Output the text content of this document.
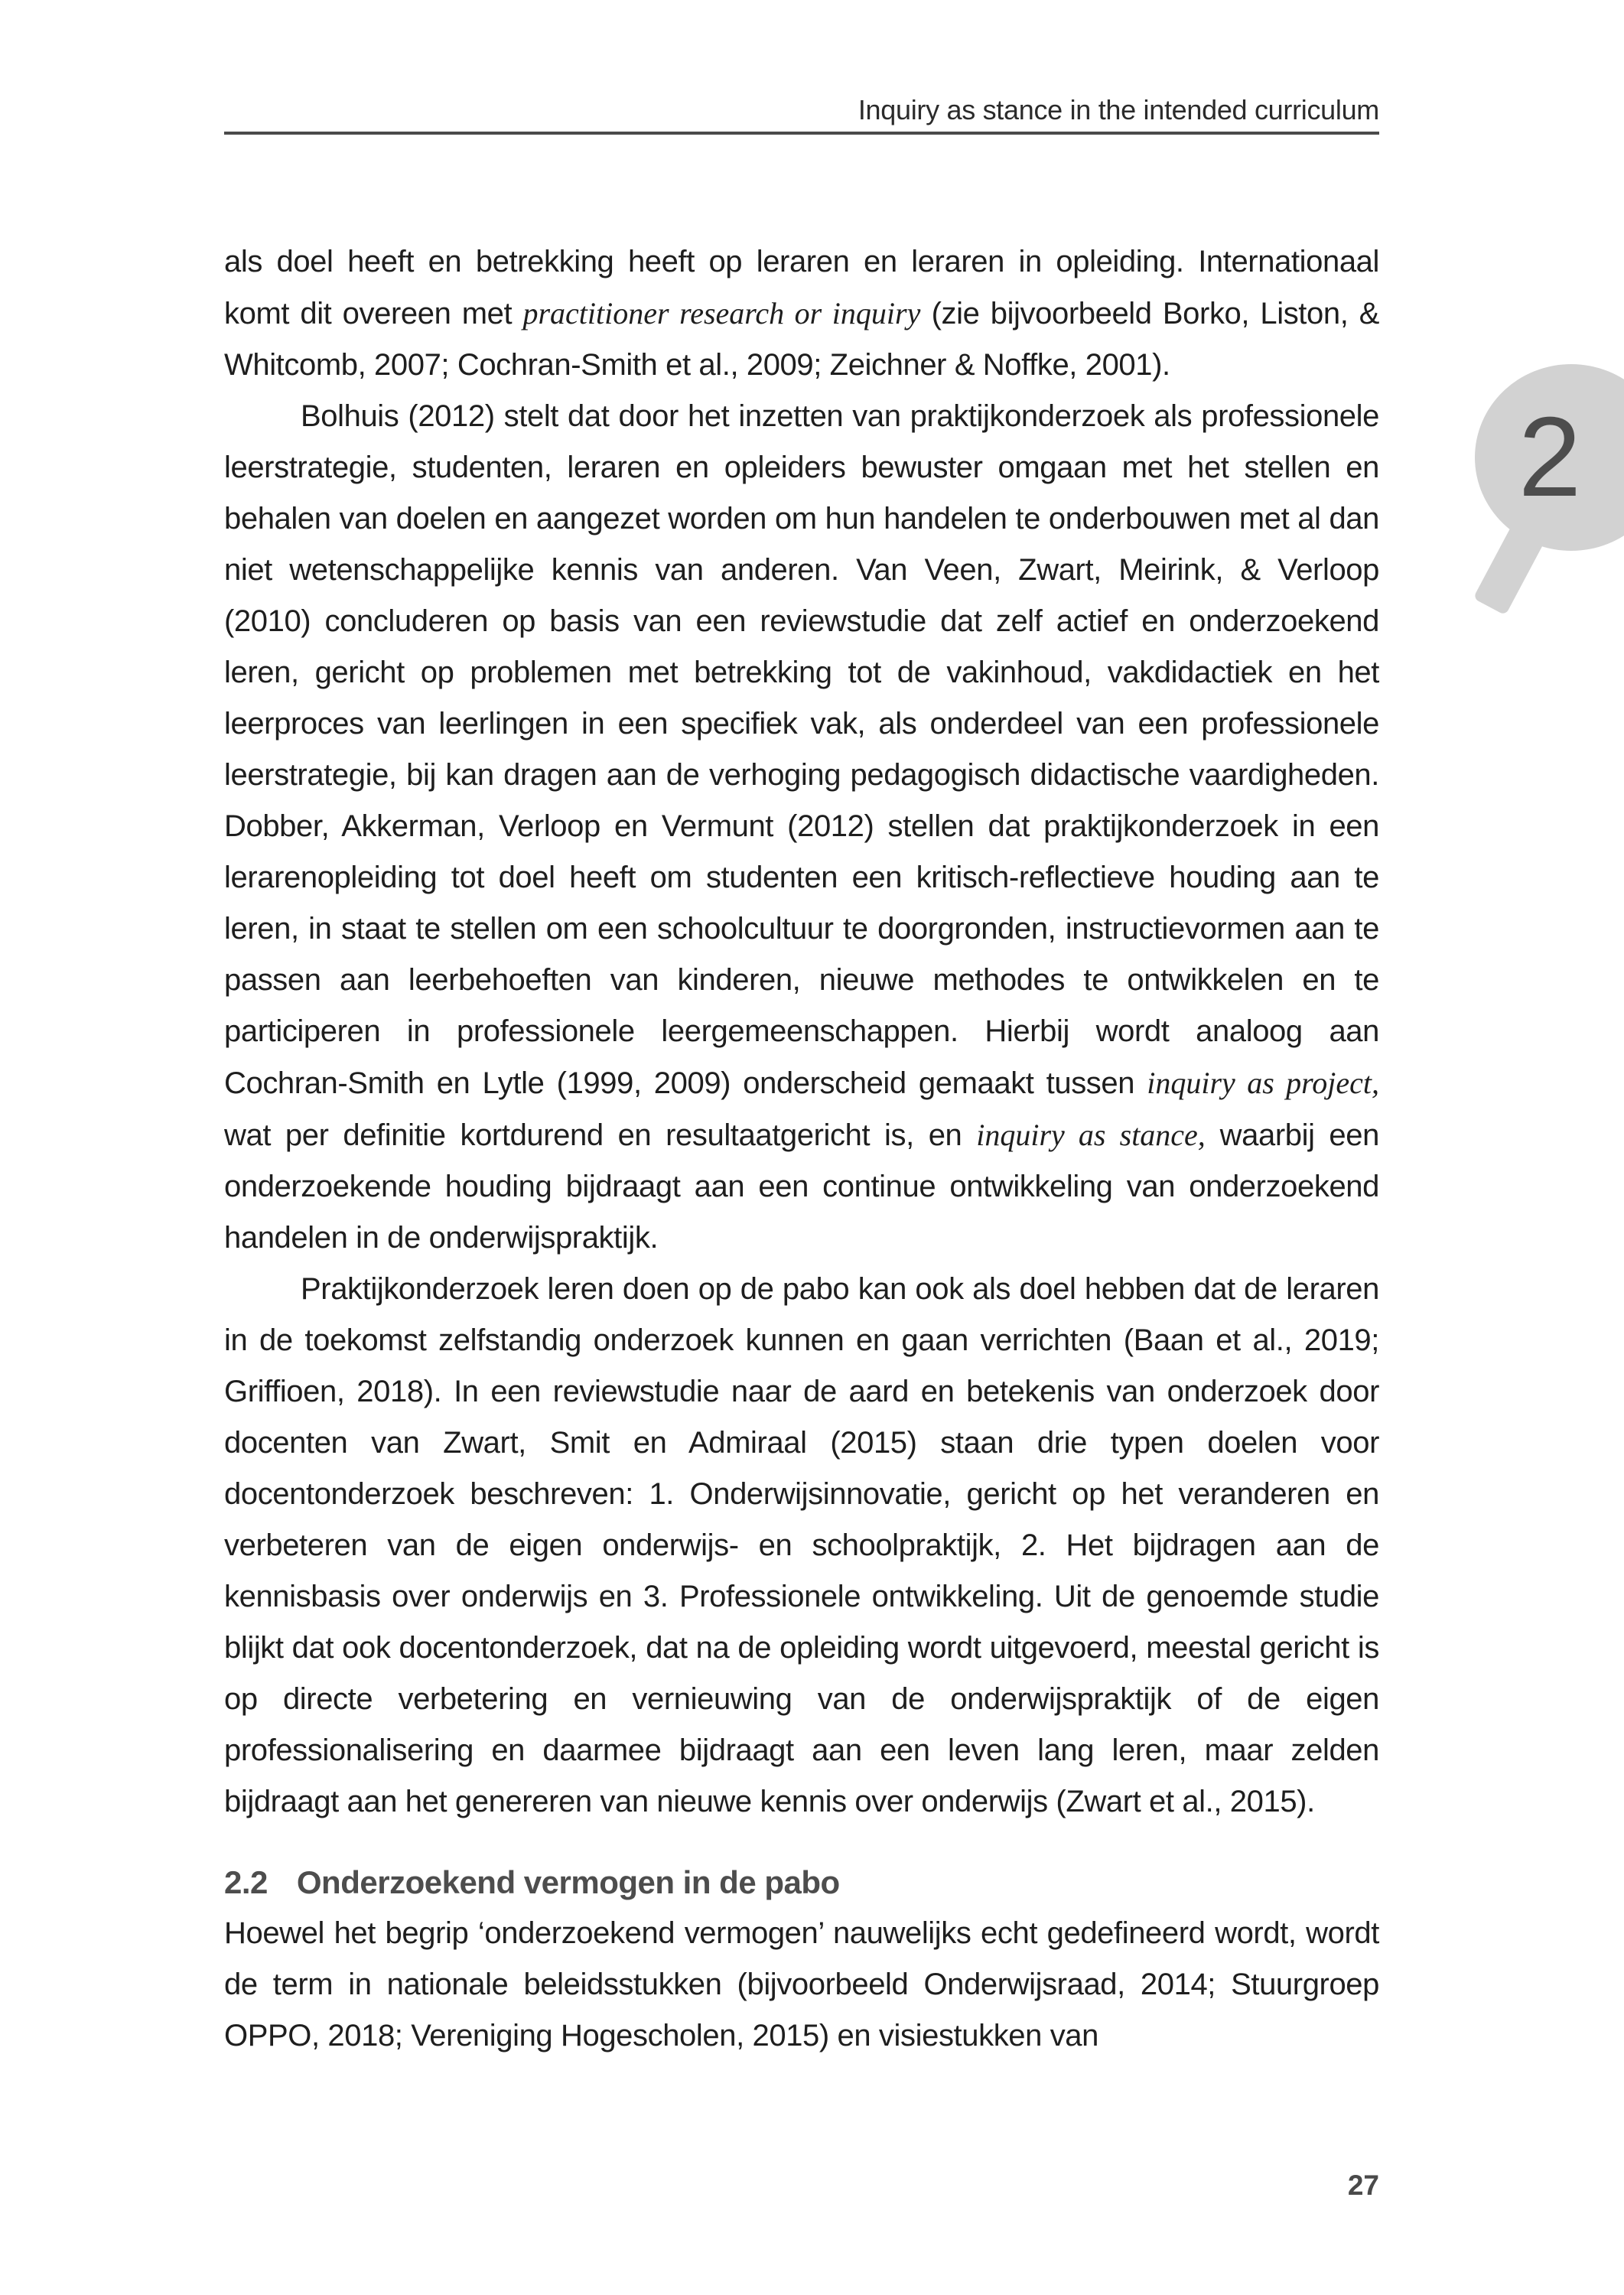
Inquiry as stance in the intended curriculum
2

als doel heeft en betrekking heeft op leraren en leraren in opleiding. Internationaal komt dit overeen met practitioner research or inquiry (zie bijvoorbeeld Borko, Liston, & Whitcomb, 2007; Cochran-Smith et al., 2009; Zeichner & Noffke, 2001).

Bolhuis (2012) stelt dat door het inzetten van praktijkonderzoek als professionele leerstrategie, studenten, leraren en opleiders bewuster omgaan met het stellen en behalen van doelen en aangezet worden om hun handelen te onderbouwen met al dan niet wetenschappelijke kennis van anderen. Van Veen, Zwart, Meirink, & Verloop (2010) concluderen op basis van een reviewstudie dat zelf actief en onderzoekend leren, gericht op problemen met betrekking tot de vakinhoud, vakdidactiek en het leerproces van leerlingen in een specifiek vak, als onderdeel van een professionele leerstrategie, bij kan dragen aan de verhoging pedagogisch didactische vaardigheden. Dobber, Akkerman, Verloop en Vermunt (2012) stellen dat praktijkonderzoek in een lerarenopleiding tot doel heeft om studenten een kritisch-reflectieve houding aan te leren, in staat te stellen om een schoolcultuur te doorgronden, instructievormen aan te passen aan leerbehoeften van kinderen, nieuwe methodes te ontwikkelen en te participeren in professionele leergemeenschappen. Hierbij wordt analoog aan Cochran-Smith en Lytle (1999, 2009) onderscheid gemaakt tussen inquiry as project, wat per definitie kortdurend en resultaatgericht is, en inquiry as stance, waarbij een onderzoekende houding bijdraagt aan een continue ontwikkeling van onderzoekend handelen in de onderwijspraktijk.

Praktijkonderzoek leren doen op de pabo kan ook als doel hebben dat de leraren in de toekomst zelfstandig onderzoek kunnen en gaan verrichten (Baan et al., 2019; Griffioen, 2018). In een reviewstudie naar de aard en betekenis van onderzoek door docenten van Zwart, Smit en Admiraal (2015) staan drie typen doelen voor docentonderzoek beschreven: 1. Onderwijsinnovatie, gericht op het veranderen en verbeteren van de eigen onderwijs- en schoolpraktijk, 2. Het bijdragen aan de kennisbasis over onderwijs en 3. Professionele ontwikkeling. Uit de genoemde studie blijkt dat ook docentonderzoek, dat na de opleiding wordt uitgevoerd, meestal gericht is op directe verbetering en vernieuwing van de onderwijspraktijk of de eigen professionalisering en daarmee bijdraagt aan een leven lang leren, maar zelden bijdraagt aan het genereren van nieuwe kennis over onderwijs (Zwart et al., 2015).

2.2 Onderzoekend vermogen in de pabo

Hoewel het begrip ‘onderzoekend vermogen’ nauwelijks echt gedefineerd wordt, wordt de term in nationale beleidsstukken (bijvoorbeeld Onderwijsraad, 2014; Stuurgroep OPPO, 2018; Vereniging Hogescholen, 2015) en visiestukken van

27
